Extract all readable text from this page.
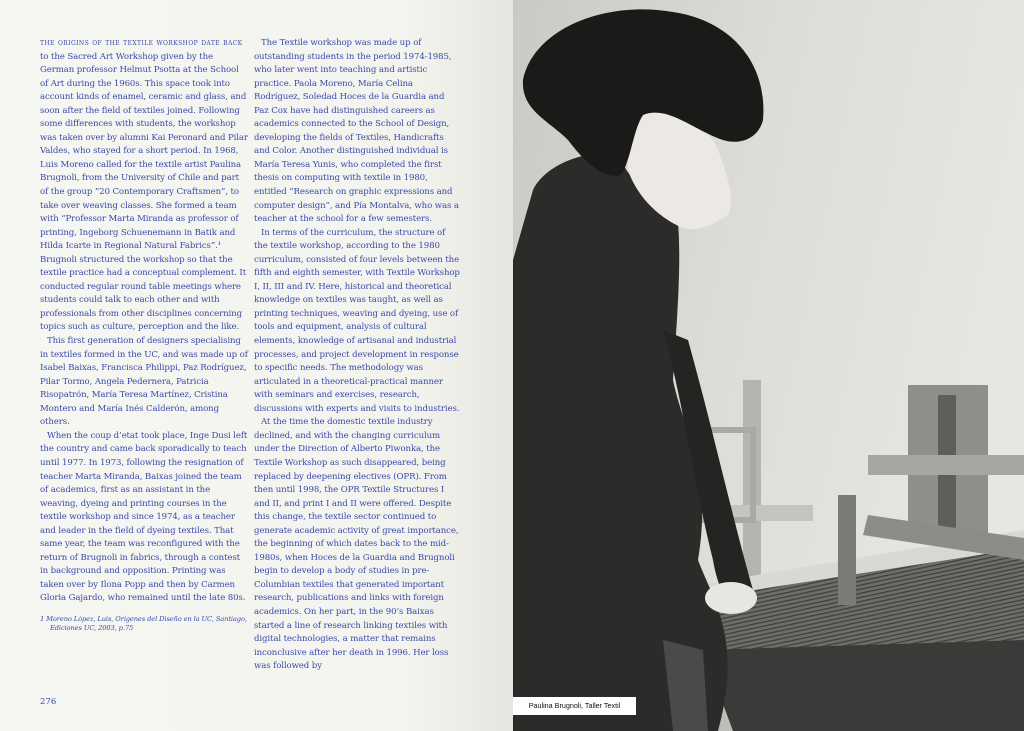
the origins of the textile workshop date back
to the Sacred Art Workshop given by the German professor Helmut Psotta at the School of Art during the 1960s. This space took into account kinds of enamel, ceramic and glass, and soon after the field of textiles joined. Following some differences with students, the workshop was taken over by alumni Kai Peronard and Pilar Valdes, who stayed for a short period. In 1968, Luis Moreno called for the textile artist Paulina Brugnoli, from the University of Chile and part of the group “20 Contemporary Craftsmen”, to take over weaving classes. She formed a team with “Professor Marta Miranda as professor of printing, Ingeborg Schuenemann in Batik and Hilda Icarte in Regional Natural Fabrics”.¹ Brugnoli structured the workshop so that the textile practice had a conceptual complement. It conducted regular round table meetings where students could talk to each other and with professionals from other disciplines concerning topics such as culture, perception and the like.

This first generation of designers specialising in textiles formed in the UC, and was made up of Isabel Baixas, Francisca Philippi, Paz Rodríguez, Pilar Tormo, Angela Pedernera, Patricia Risopatrón, María Teresa Martínez, Cristina Montero and María Inés Calderón, among others.

When the coup d’etat took place, Inge Dusi left the country and came back sporadically to teach until 1977. In 1973, following the resignation of teacher Marta Miranda, Baixas joined the team of academics, first as an assistant in the weaving, dyeing and printing courses in the textile workshop and since 1974, as a teacher and leader in the field of dyeing textiles. That same year, the team was reconfigured with the return of Brugnoli in fabrics, through a contest in background and opposition. Printing was taken over by Ilona Popp and then by Carmen Gloria Gajardo, who remained until the late 80s.

1 Moreno López, Luis, Orígenes del Diseño en la UC, Santiago, Ediciones UC, 2003, p.75

The Textile workshop was made up of outstanding students in the period 1974-1985, who later went into teaching and artistic practice. Paola Moreno, María Celina Rodríguez, Soledad Hoces de la Guardia and Paz Cox have had distinguished careers as academics connected to the School of Design, developing the fields of Textiles, Handicrafts and Color. Another distinguished individual is María Teresa Yunis, who completed the first thesis on computing with textile in 1980, entitled “Research on graphic expressions and computer design”, and Pía Montalva, who was a teacher at the school for a few semesters.

In terms of the curriculum, the structure of the textile workshop, according to the 1980 curriculum, consisted of four levels between the fifth and eighth semester, with Textile Workshop I, II, III and IV. Here, historical and theoretical knowledge on textiles was taught, as well as printing techniques, weaving and dyeing, use of tools and equipment, analysis of cultural elements, knowledge of artisanal and industrial processes, and project development in response to specific needs. The methodology was articulated in a theoretical-practical manner with seminars and exercises, research, discussions with experts and visits to industries.

At the time the domestic textile industry declined, and with the changing curriculum under the Direction of Alberto Piwonka, the Textile Workshop as such disappeared, being replaced by deepening electives (OPR). From then until 1998, the OPR Textile Structures I and II, and print I and II were offered. Despite this change, the textile sector continued to generate academic activity of great importance, the beginning of which dates back to the mid-1980s, when Hoces de la Guardia and Brugnoli begin to develop a body of studies in pre-Columbian textiles that generated important research, publications and links with foreign academics. On her part, in the 90’s Baixas started a line of research linking textiles with digital technologies, a matter that remains inconclusive after her death in 1996. Her loss was followed by

276	Paulina Brugnoli, Taller Textil
